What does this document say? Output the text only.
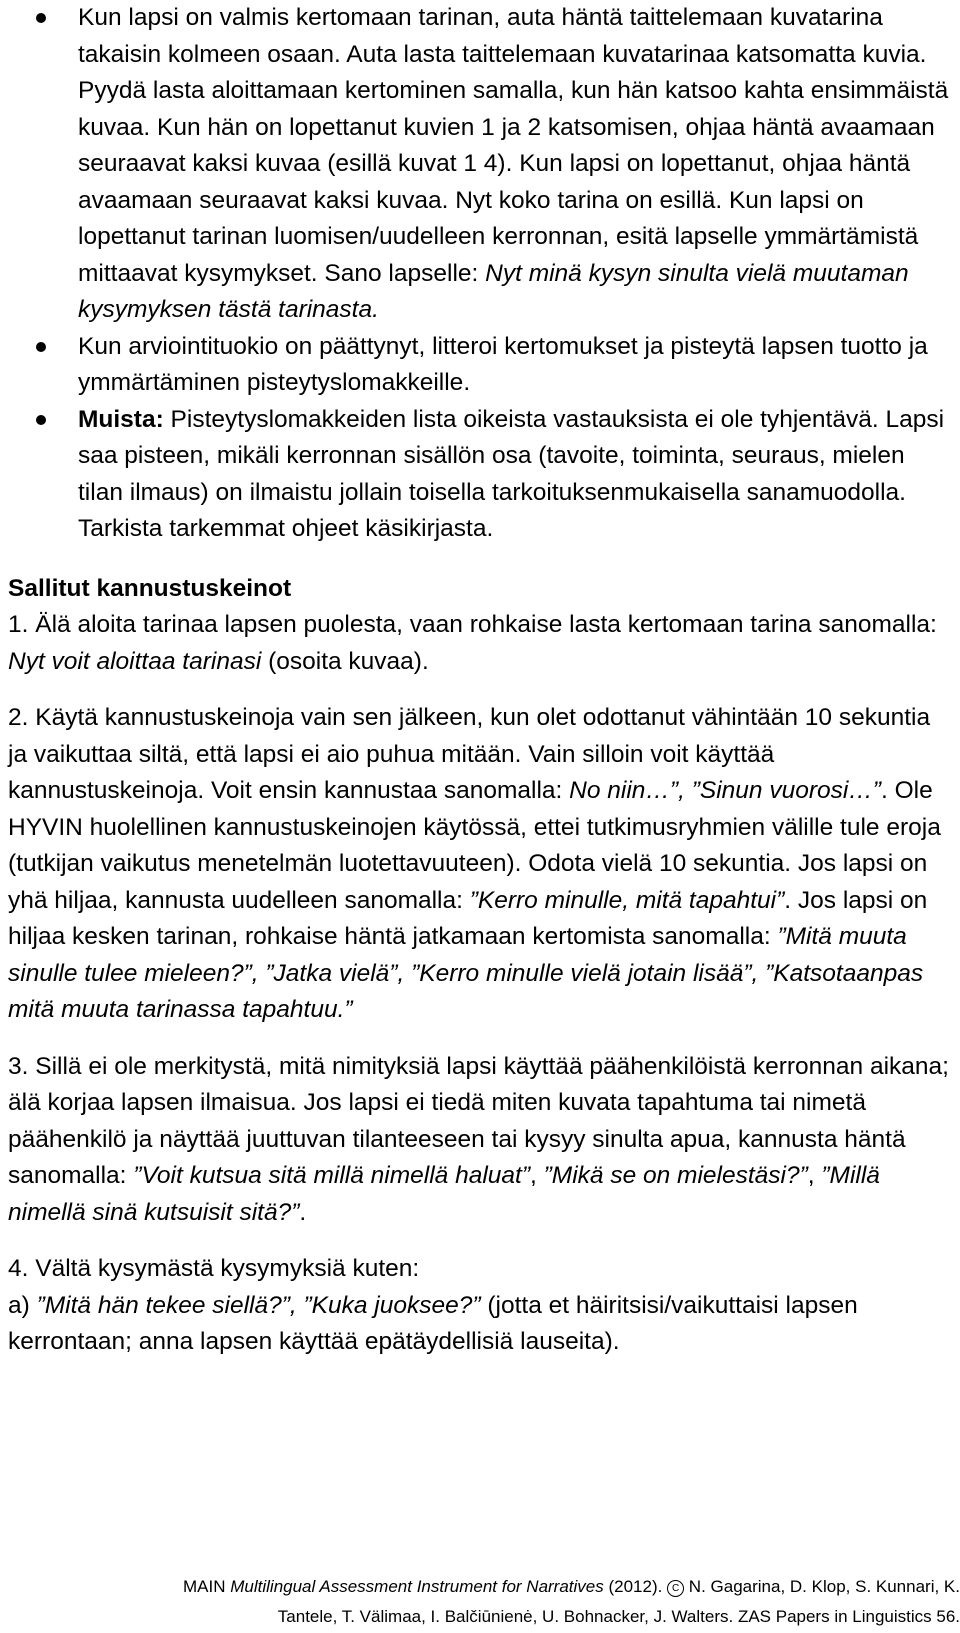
Kun lapsi on valmis kertomaan tarinan, auta häntä taittelemaan kuvatarina takaisin kolmeen osaan. Auta lasta taittelemaan kuvatarinaa katsomatta kuvia. Pyydä lasta aloittamaan kertominen samalla, kun hän katsoo kahta ensimmäistä kuvaa. Kun hän on lopettanut kuvien 1 ja 2 katsomisen, ohjaa häntä avaamaan seuraavat kaksi kuvaa (esillä kuvat 1 4). Kun lapsi on lopettanut, ohjaa häntä avaamaan seuraavat kaksi kuvaa. Nyt koko tarina on esillä. Kun lapsi on lopettanut tarinan luomisen/uudelleen kerronnan, esitä lapselle ymmärtämistä mittaavat kysymykset. Sano lapselle: Nyt minä kysyn sinulta vielä muutaman kysymyksen tästä tarinasta.
Kun arviointituokio on päättynyt, litteroi kertomukset ja pisteytä lapsen tuotto ja ymmärtäminen pisteytyslomakkeille.
Muista: Pisteytyslomakkeiden lista oikeista vastauksista ei ole tyhjentävä. Lapsi saa pisteen, mikäli kerronnan sisällön osa (tavoite, toiminta, seuraus, mielen tilan ilmaus) on ilmaistu jollain toisella tarkoituksenmukaisella sanamuodolla. Tarkista tarkemmat ohjeet käsikirjasta.

Sallitut kannustuskeinot

1. Älä aloita tarinaa lapsen puolesta, vaan rohkaise lasta kertomaan tarina sanomalla: Nyt voit aloittaa tarinasi (osoita kuvaa).

2. Käytä kannustuskeinoja vain sen jälkeen, kun olet odottanut vähintään 10 sekuntia ja vaikuttaa siltä, että lapsi ei aio puhua mitään. Vain silloin voit käyttää kannustuskeinoja. Voit ensin kannustaa sanomalla: No niin…”, ”Sinun vuorosi…”. Ole HYVIN huolellinen kannustuskeinojen käytössä, ettei tutkimusryhmien välille tule eroja (tutkijan vaikutus menetelmän luotettavuuteen). Odota vielä 10 sekuntia. Jos lapsi on yhä hiljaa, kannusta uudelleen sanomalla: ”Kerro minulle, mitä tapahtui”. Jos lapsi on hiljaa kesken tarinan, rohkaise häntä jatkamaan kertomista sanomalla: ”Mitä muuta sinulle tulee mieleen?”, ”Jatka vielä”, ”Kerro minulle vielä jotain lisää”, ”Katsotaanpas mitä muuta tarinassa tapahtuu.”

3. Sillä ei ole merkitystä, mitä nimityksiä lapsi käyttää päähenkilöistä kerronnan aikana; älä korjaa lapsen ilmaisua. Jos lapsi ei tiedä miten kuvata tapahtuma tai nimetä päähenkilö ja näyttää juuttuvan tilanteeseen tai kysyy sinulta apua, kannusta häntä sanomalla: ”Voit kutsua sitä millä nimellä haluat”, ”Mikä se on mielestäsi?”, ”Millä nimellä sinä kutsuisit sitä?”.

4. Vältä kysymästä kysymyksiä kuten:
a) ”Mitä hän tekee siellä?”, ”Kuka juoksee?” (jotta et häiritsisi/vaikuttaisi lapsen kerrontaan; anna lapsen käyttää epätäydellisiä lauseita).

MAIN Multilingual Assessment Instrument for Narratives (2012). C N. Gagarina, D. Klop, S. Kunnari, K.
Tantele, T. Välimaa, I. Balčiūnienė, U. Bohnacker, J. Walters. ZAS Papers in Linguistics 56.
